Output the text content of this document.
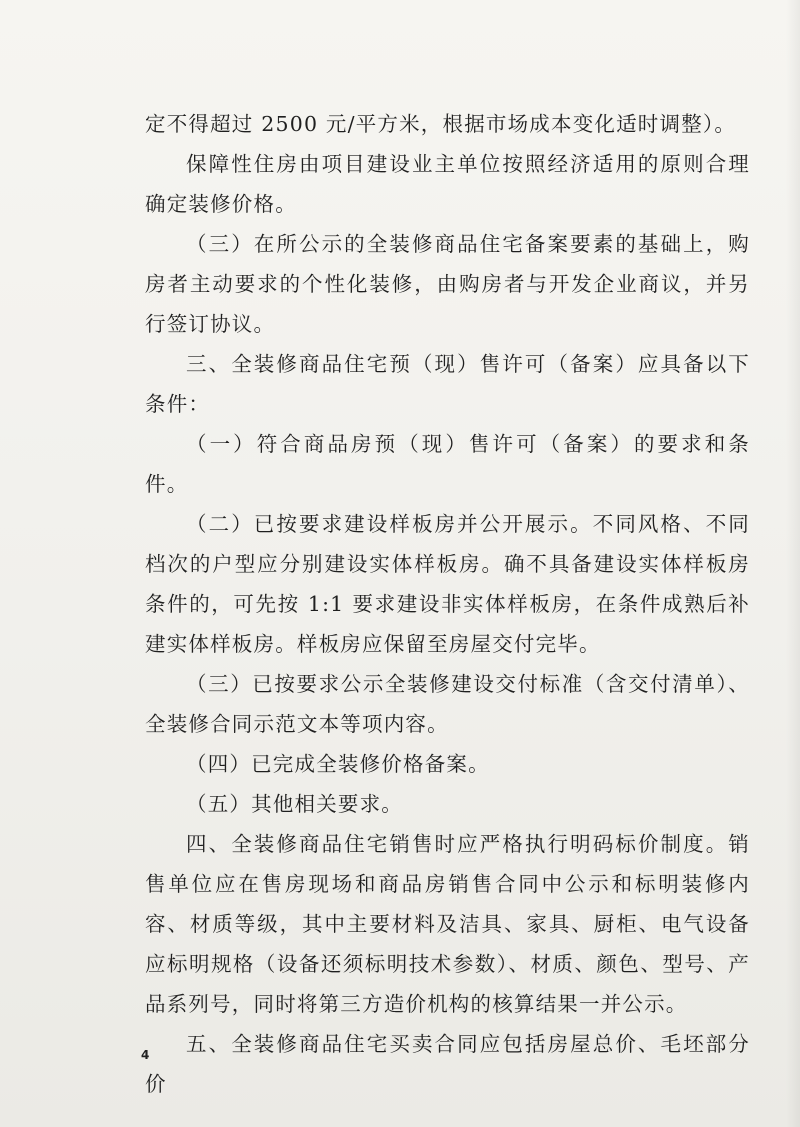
定不得超过 2500 元/平方米，根据市场成本变化适时调整）。

保障性住房由项目建设业主单位按照经济适用的原则合理确定装修价格。

（三）在所公示的全装修商品住宅备案要素的基础上，购房者主动要求的个性化装修，由购房者与开发企业商议，并另行签订协议。

三、全装修商品住宅预（现）售许可（备案）应具备以下条件：

（一）符合商品房预（现）售许可（备案）的要求和条件。

（二）已按要求建设样板房并公开展示。不同风格、不同档次的户型应分别建设实体样板房。确不具备建设实体样板房条件的，可先按 1:1 要求建设非实体样板房，在条件成熟后补建实体样板房。样板房应保留至房屋交付完毕。

（三）已按要求公示全装修建设交付标准（含交付清单）、全装修合同示范文本等项内容。

（四）已完成全装修价格备案。

（五）其他相关要求。

四、全装修商品住宅销售时应严格执行明码标价制度。销售单位应在售房现场和商品房销售合同中公示和标明装修内容、材质等级，其中主要材料及洁具、家具、厨柜、电气设备应标明规格（设备还须标明技术参数）、材质、颜色、型号、产品系列号，同时将第三方造价机构的核算结果一并公示。

五、全装修商品住宅买卖合同应包括房屋总价、毛坯部分价

4
